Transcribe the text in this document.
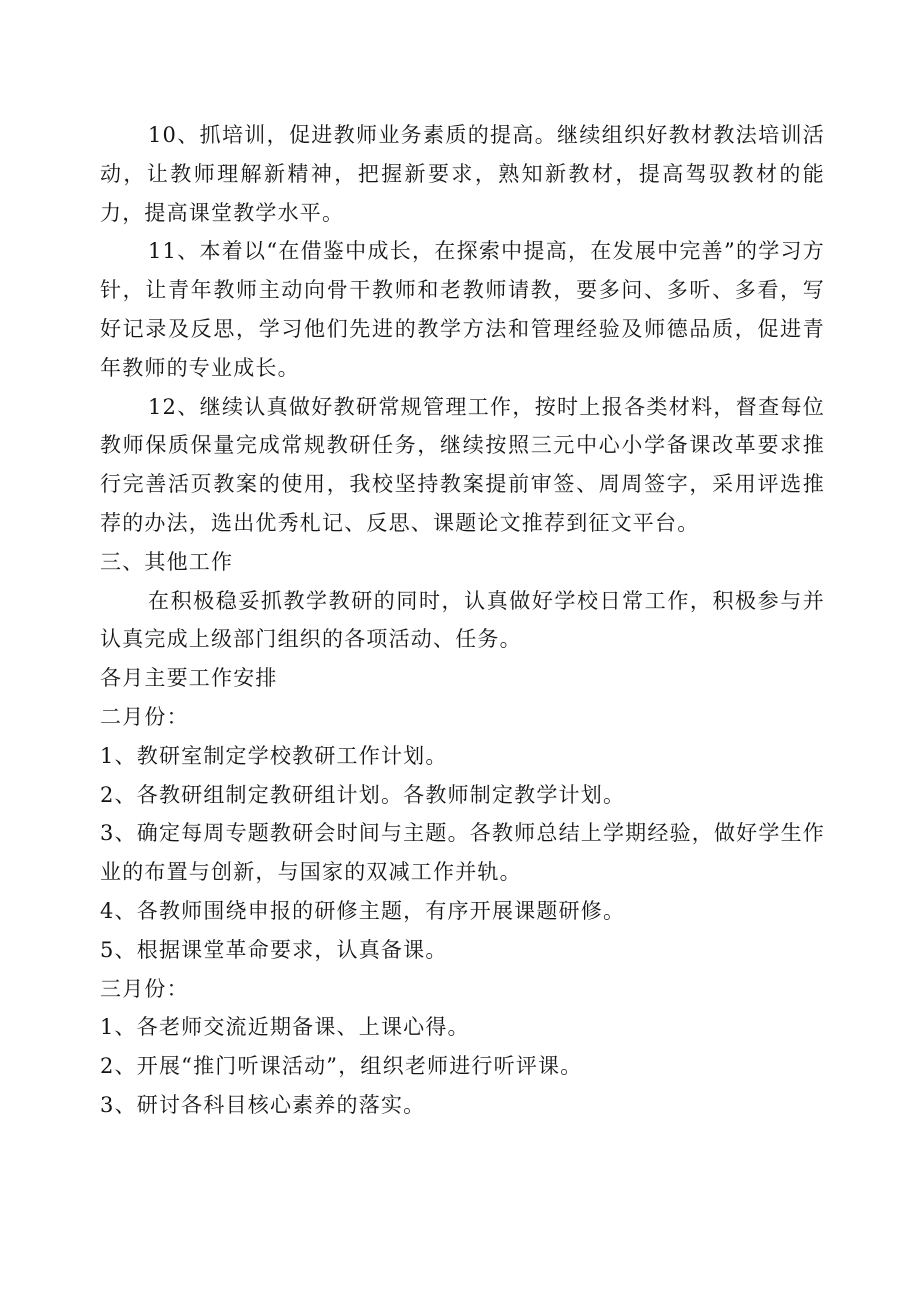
10、抓培训，促进教师业务素质的提高。继续组织好教材教法培训活动，让教师理解新精神，把握新要求，熟知新教材，提高驾驭教材的能力，提高课堂教学水平。

11、本着以“在借鉴中成长，在探索中提高，在发展中完善”的学习方针，让青年教师主动向骨干教师和老教师请教，要多问、多听、多看，写好记录及反思，学习他们先进的教学方法和管理经验及师德品质，促进青年教师的专业成长。

12、继续认真做好教研常规管理工作，按时上报各类材料，督查每位教师保质保量完成常规教研任务，继续按照三元中心小学备课改革要求推行完善活页教案的使用，我校坚持教案提前审签、周周签字，采用评选推荐的办法，选出优秀札记、反思、课题论文推荐到征文平台。

三、其他工作

在积极稳妥抓教学教研的同时，认真做好学校日常工作，积极参与并认真完成上级部门组织的各项活动、任务。

各月主要工作安排

二月份：

1、教研室制定学校教研工作计划。

2、各教研组制定教研组计划。各教师制定教学计划。

3、确定每周专题教研会时间与主题。各教师总结上学期经验，做好学生作业的布置与创新，与国家的双减工作并轨。

4、各教师围绕申报的研修主题，有序开展课题研修。

5、根据课堂革命要求，认真备课。

三月份：

1、各老师交流近期备课、上课心得。

2、开展“推门听课活动”，组织老师进行听评课。

3、研讨各科目核心素养的落实。
